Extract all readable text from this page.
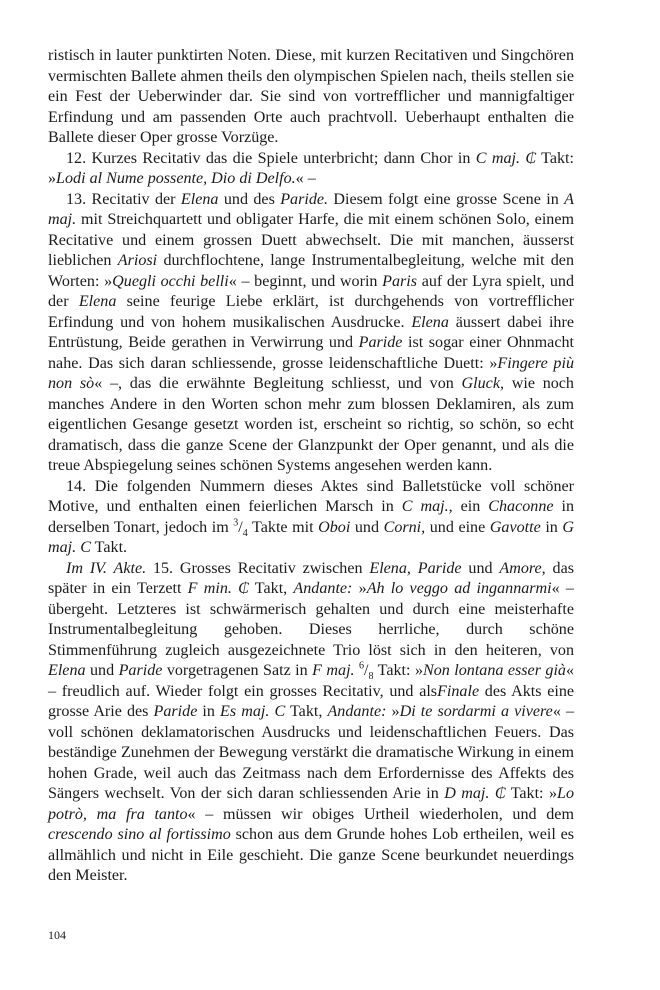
ristisch in lauter punktirten Noten. Diese, mit kurzen Recitativen und Singchören vermischten Ballete ahmen theils den olympischen Spielen nach, theils stellen sie ein Fest der Ueberwinder dar. Sie sind von vortrefflicher und mannigfaltiger Erfindung und am passenden Orte auch prachtvoll. Ueberhaupt enthalten die Ballete dieser Oper grosse Vorzüge.

12. Kurzes Recitativ das die Spiele unterbricht; dann Chor in C maj. ₵ Takt: »Lodi al Nume possente, Dio di Delfo.« –

13. Recitativ der Elena und des Paride. Diesem folgt eine grosse Scene in A maj. mit Streichquartett und obligater Harfe, die mit einem schönen Solo, einem Recitative und einem grossen Duett abwechselt. Die mit manchen, äusserst lieblichen Ariosi durchflochtene, lange Instrumentalbegleitung, welche mit den Worten: »Quegli occhi belli« – beginnt, und worin Paris auf der Lyra spielt, und der Elena seine feurige Liebe erklärt, ist durchgehends von vortrefflicher Erfindung und von hohem musikalischen Ausdrucke. Elena äussert dabei ihre Entrüstung, Beide gerathen in Verwirrung und Paride ist sogar einer Ohnmacht nahe. Das sich daran schliessende, grosse leidenschaftliche Duett: »Fingere più non sò« –, das die erwähnte Begleitung schliesst, und von Gluck, wie noch manches Andere in den Worten schon mehr zum blossen Deklamiren, als zum eigentlichen Gesange gesetzt worden ist, erscheint so richtig, so schön, so echt dramatisch, dass die ganze Scene der Glanzpunkt der Oper genannt, und als die treue Abspiegelung seines schönen Systems angesehen werden kann.

14. Die folgenden Nummern dieses Aktes sind Balletstücke voll schöner Motive, und enthalten einen feierlichen Marsch in C maj., ein Chaconne in derselben Tonart, jedoch im $^3/_4$ Takte mit Oboi und Corni, und eine Gavotte in G maj. C Takt.

Im IV. Akte. 15. Grosses Recitativ zwischen Elena, Paride und Amore, das später in ein Terzett F min. ₵ Takt, Andante: »Ah lo veggo ad ingannarmi« – übergeht. Letzteres ist schwärmerisch gehalten und durch eine meisterhafte Instrumentalbegleitung gehoben. Dieses herrliche, durch schöne Stimmenführung zugleich ausgezeichnete Trio löst sich in den heiteren, von Elena und Paride vorgetragenen Satz in F maj. $^6/_8$ Takt: »Non lontana esser già« – freudlich auf. Wieder folgt ein grosses Recitativ, und alsFinale des Akts eine grosse Arie des Paride in Es maj. C Takt, Andante: »Di te sordarmi a vivere« – voll schönen deklamatorischen Ausdrucks und leidenschaftlichen Feuers. Das beständige Zunehmen der Bewegung verstärkt die dramatische Wirkung in einem hohen Grade, weil auch das Zeitmass nach dem Erfordernisse des Affekts des Sängers wechselt. Von der sich daran schliessenden Arie in D maj. ₵ Takt: »Lo potrò, ma fra tanto« – müssen wir obiges Urtheil wiederholen, und dem crescendo sino al fortissimo schon aus dem Grunde hohes Lob ertheilen, weil es allmählich und nicht in Eile geschieht. Die ganze Scene beurkundet neuerdings den Meister.

104
